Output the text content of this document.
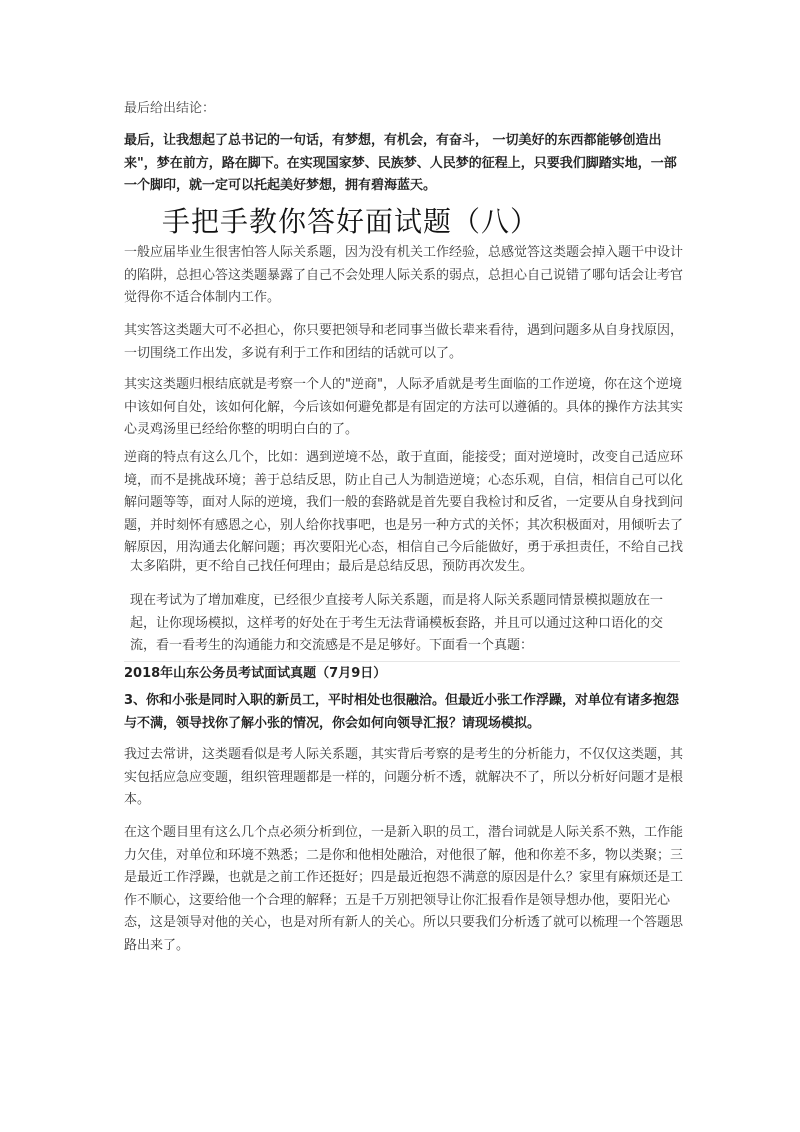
最后给出结论：

最后，让我想起了总书记的一句话，有梦想，有机会，有奋斗， 一切美好的东西都能够创造出来"，梦在前方，路在脚下。在实现国家梦、民族梦、人民梦的征程上，只要我们脚踏实地，一部一个脚印，就一定可以托起美好梦想，拥有碧海蓝天。

手把手教你答好面试题（八）

一般应届毕业生很害怕答人际关系题，因为没有机关工作经验，总感觉答这类题会掉入题干中设计的陷阱，总担心答这类题暴露了自己不会处理人际关系的弱点，总担心自己说错了哪句话会让考官觉得你不适合体制内工作。

其实答这类题大可不必担心，你只要把领导和老同事当做长辈来看待，遇到问题多从自身找原因，一切围绕工作出发，多说有利于工作和团结的话就可以了。

其实这类题归根结底就是考察一个人的"逆商"，人际矛盾就是考生面临的工作逆境，你在这个逆境中该如何自处，该如何化解，今后该如何避免都是有固定的方法可以遵循的。具体的操作方法其实心灵鸡汤里已经给你整的明明白白的了。

逆商的特点有这么几个，比如：遇到逆境不怂，敢于直面，能接受；面对逆境时，改变自己适应环境，而不是挑战环境；善于总结反思，防止自己人为制造逆境；心态乐观，自信，相信自己可以化解问题等等，面对人际的逆境，我们一般的套路就是首先要自我检讨和反省，一定要从自身找到问题，并时刻怀有感恩之心，别人给你找事吧，也是另一种方式的关怀；其次积极面对，用倾听去了解原因，用沟通去化解问题；再次要阳光心态，相信自己今后能做好，勇于承担责任，不给自己找

太多陷阱，更不给自己找任何理由；最后是总结反思，预防再次发生。

现在考试为了增加难度，已经很少直接考人际关系题，而是将人际关系题同情景模拟题放在一起，让你现场模拟，这样考的好处在于考生无法背诵模板套路，并且可以通过这种口语化的交流，看一看考生的沟通能力和交流感是不是足够好。下面看一个真题：

2018年山东公务员考试面试真题（7月9日）

3、你和小张是同时入职的新员工，平时相处也很融洽。但最近小张工作浮躁，对单位有诸多抱怨与不满，领导找你了解小张的情况，你会如何向领导汇报？请现场模拟。

我过去常讲，这类题看似是考人际关系题，其实背后考察的是考生的分析能力，不仅仅这类题，其实包括应急应变题，组织管理题都是一样的，问题分析不透，就解决不了，所以分析好问题才是根本。

在这个题目里有这么几个点必须分析到位，一是新入职的员工，潜台词就是人际关系不熟，工作能力欠佳，对单位和环境不熟悉；二是你和他相处融洽，对他很了解，他和你差不多，物以类聚；三是最近工作浮躁，也就是之前工作还挺好；四是最近抱怨不满意的原因是什么？家里有麻烦还是工作不顺心，这要给他一个合理的解释；五是千万别把领导让你汇报看作是领导想办他，要阳光心态，这是领导对他的关心，也是对所有新人的关心。所以只要我们分析透了就可以梳理一个答题思路出来了。
